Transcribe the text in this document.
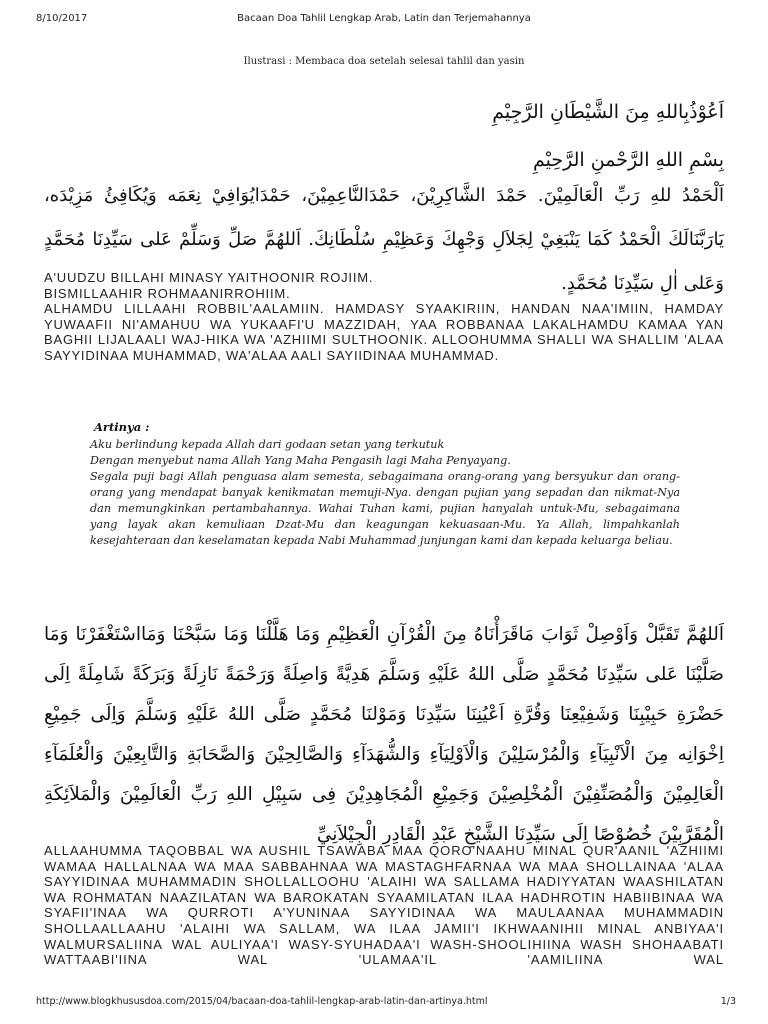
8/10/2017	Bacaan Doa Tahlil Lengkap Arab, Latin dan Terjemahannya
Ilustrasi : Membaca doa setelah selesai tahlil dan yasin
اَعُوْذُبِاللهِ مِنَ الشَّيْطَانِ الرَّجِيْمِ
بِسْمِ اللهِ الرَّحْمنِ الرَّحِيْمِ
اَلْحَمْدُ للهِ رَبِّ الْعَالَمِيْنَ. حَمْدَ الشَّاكِرِيْنَ، حَمْدَالنَّاعِمِيْنَ، حَمْدَايُوَافِيْ نِعَمَه وَيُكَافِئُ مَزِيْدَه، يَارَبَّنَالَكَ الْحَمْدُ كَمَا يَنْبَغِيْ لِجَلاَلِ وَجْهِكَ وَعَظِيْمِ سُلْطَانِكَ. اَللهُمَّ صَلِّ وَسَلِّمْ عَلى سَيِّدِنَا مُحَمَّدٍ وَعَلى اٰلِ سَيِّدِنَا مُحَمَّدٍ.
A'UUDZU BILLAHI MINASY YAITHOONIR ROJIIM.
BISMILLAAHIR ROHMAANIRROHIIM.
ALHAMDU LILLAAHI ROBBIL'AALAMIIN. HAMDASY SYAAKIRIIN, HANDAN NAA'IMIIN, HAMDAY YUWAAFII NI'AMAHUU WA YUKAAFI'U MAZZIDAH, YAA ROBBANAA LAKALHAMDU KAMAA YAN BAGHII LIJALAALI WAJ-HIKA WA 'AZHIIMI SULTHOONIK. ALLOOHUMMA SHALLI WA SHALLIM 'ALAA SAYYIDINAA MUHAMMAD, WA'ALAA AALI SAYIIDINAA MUHAMMAD.
Artinya :
Aku berlindung kepada Allah dari godaan setan yang terkutuk
Dengan menyebut nama Allah Yang Maha Pengasih lagi Maha Penyayang.
Segala puji bagi Allah penguasa alam semesta, sebagaimana orang-orang yang bersyukur dan orang-orang yang mendapat banyak kenikmatan memuji-Nya. dengan pujian yang sepadan dan nikmat-Nya dan memungkinkan pertambahannya. Wahai Tuhan kami, pujian hanyalah untuk-Mu, sebagaimana yang layak akan kemuliaan Dzat-Mu dan keagungan kekuasaan-Mu. Ya Allah, limpahkanlah kesejahteraan dan keselamatan kepada Nabi Muhammad junjungan kami dan kepada keluarga beliau.
اَللهُمَّ تَقَبَّلْ وَاَوْصِلْ ثَوَابَ مَاقَرَأْنَاهُ مِنَ الْقُرْآنِ الْعَظِيْمِ وَمَا هَلَّلْنَا وَمَا سَبَّحْنَا وَمَااسْتَغْفَرْنَا وَمَا صَلَّيْنَا عَلى سَيِّدِنَا مُحَمَّدٍ صَلَّى اللهُ عَلَيْهِ وَسَلَّمَ هَدِيَّةً وَاصِلَةً وَرَحْمَةً نَازِلَةً وَبَرَكَةً شَامِلَةً اِلَى حَضْرَةِ حَبِيْبِنَا وَشَفِيْعِنَا وَقُرَّةِ اَعْيُنِنَا سَيِّدِنَا وَمَوْلنَا مُحَمَّدٍ صَلَّى اللهُ عَلَيْهِ وَسَلَّمَ وَاِلَى جَمِيْعِ اِخْوَانِه مِنَ الْاَنْبِيَآءِ وَالْمُرْسَلِيْنَ وَالْاَوْلِيَآءِ وَالشُّهَدَآءِ وَالصَّالِحِيْنَ وَالصَّحَابَةِ وَالتَّابِعِيْنَ وَالْعُلَمَآءِ الْعَالِمِيْنَ وَالْمُصَنِّفِيْنَ الْمُخْلِصِيْنَ وَجَمِيْعِ الْمُجَاهِدِيْنَ فِى سَبِيْلِ اللهِ رَبِّ الْعَالَمِيْنَ وَالْمَلاَئِكَةِ الْمُقَرَّبِيْنَ خُصُوْصًا اِلَى سَيِّدِنَا الشَّيْخِ عَبْدِ الْقَادِرِ الْجِيْلاَنِيِّ
ALLAAHUMMA TAQOBBAL WA AUSHIL TSAWABA MAA QORO'NAAHU MINAL QUR'AANIL 'AZHIIMI WAMAA HALLALNAA WA MAA SABBAHNAA WA MASTAGHFARNAA WA MAA SHOLLAINAA 'ALAA SAYYIDINAA MUHAMMADIN SHOLLALLOOHU 'ALAIHI WA SALLAMA HADIYYATAN WAASHILATAN WA ROHMATAN NAAZILATAN WA BAROKATAN SYAAMILATAN ILAA HADHROTIN HABIIBINAA WA SYAFII'INAA WA QURROTI A'YUNINAA SAYYIDINAA WA MAULAANAA MUHAMMADIN SHOLLAALLAAHU 'ALAIHI WA SALLAM, WA ILAA JAMII'I IKHWAANIHII MINAL ANBIYAA'I WALMURSALIINA WAL AULIYAA'I WASY-SYUHADAA'I WASH-SHOOLIHIINA WASH SHOHAABATI WATTAABI'IINA WAL 'ULAMAA'IL 'AAMILIINA WAL
http://www.blogkhususdoa.com/2015/04/bacaan-doa-tahlil-lengkap-arab-latin-dan-artinya.html	1/3
